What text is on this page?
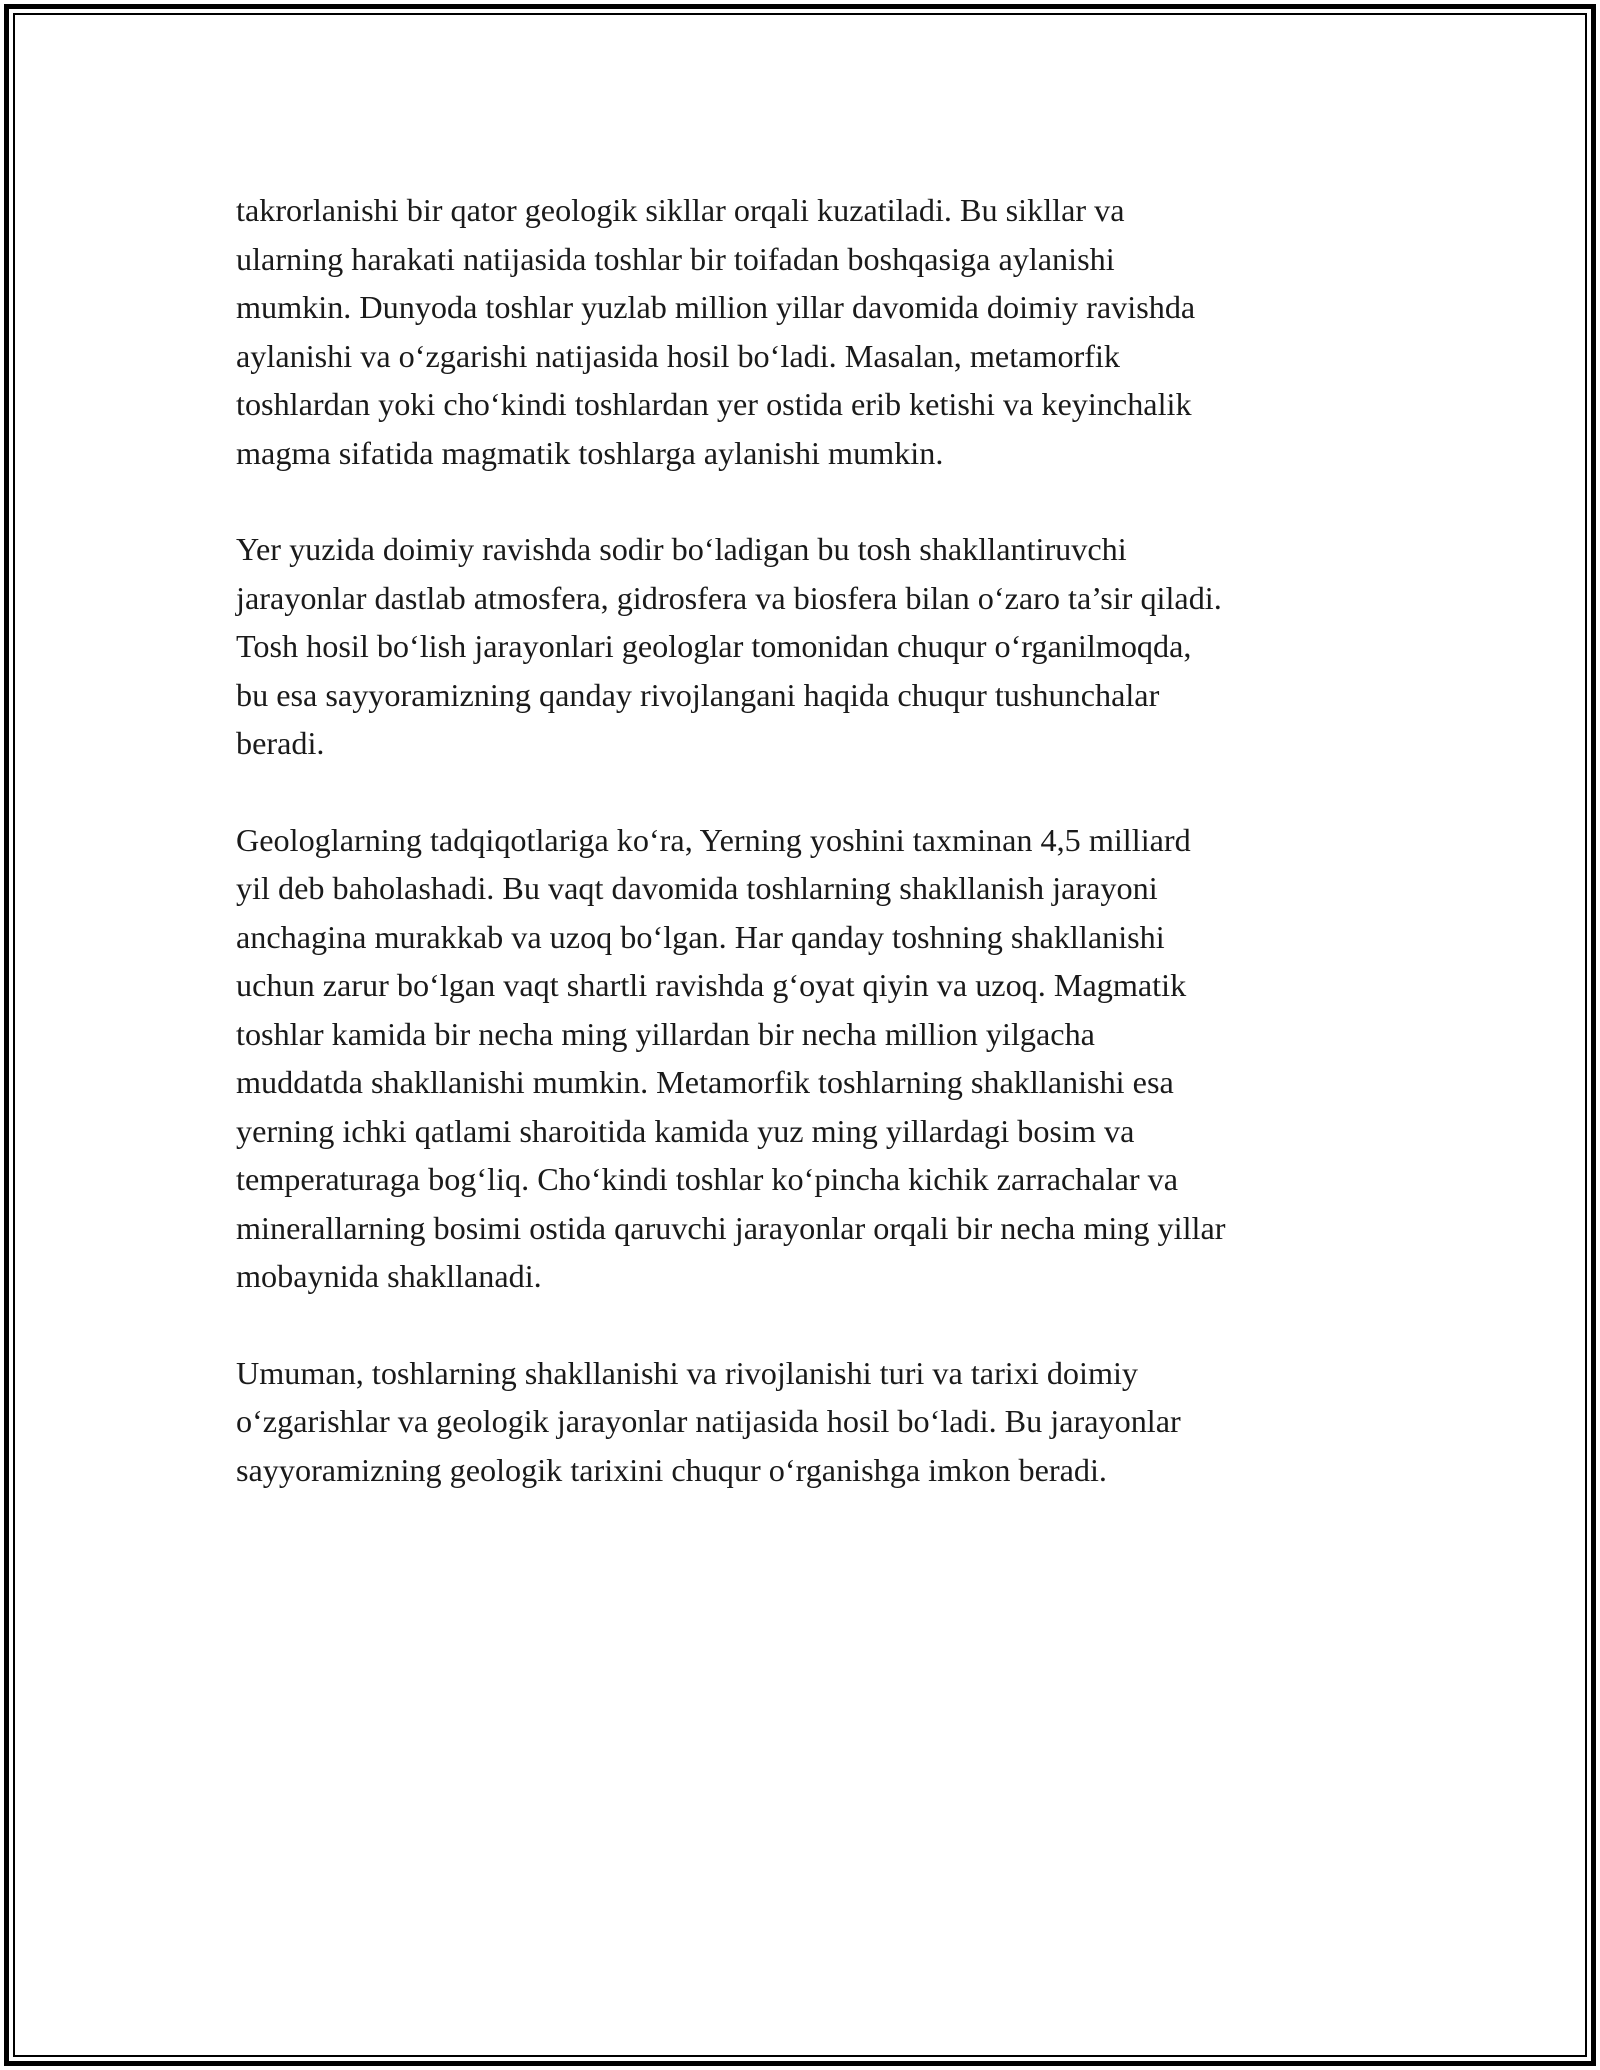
takrorlanishi bir qator geologik sikllar orqali kuzatiladi. Bu sikllar va
ularning harakati natijasida toshlar bir toifadan boshqasiga aylanishi
mumkin. Dunyoda toshlar yuzlab million yillar davomida doimiy ravishda
aylanishi va o‘zgarishi natijasida hosil bo‘ladi. Masalan, metamorfik
toshlardan yoki cho‘kindi toshlardan yer ostida erib ketishi va keyinchalik
magma sifatida magmatik toshlarga aylanishi mumkin.

Yer yuzida doimiy ravishda sodir bo‘ladigan bu tosh shakllantiruvchi
jarayonlar dastlab atmosfera, gidrosfera va biosfera bilan o‘zaro ta’sir qiladi.
Tosh hosil bo‘lish jarayonlari geologlar tomonidan chuqur o‘rganilmoqda,
bu esa sayyoramizning qanday rivojlangani haqida chuqur tushunchalar
beradi.

Geologlarning tadqiqotlariga ko‘ra, Yerning yoshini taxminan 4,5 milliard
yil deb baholashadi. Bu vaqt davomida toshlarning shakllanish jarayoni
anchagina murakkab va uzoq bo‘lgan. Har qanday toshning shakllanishi
uchun zarur bo‘lgan vaqt shartli ravishda g‘oyat qiyin va uzoq. Magmatik
toshlar kamida bir necha ming yillardan bir necha million yilgacha
muddatda shakllanishi mumkin. Metamorfik toshlarning shakllanishi esa
yerning ichki qatlami sharoitida kamida yuz ming yillardagi bosim va
temperaturaga bog‘liq. Cho‘kindi toshlar ko‘pincha kichik zarrachalar va
minerallarning bosimi ostida qaruvchi jarayonlar orqali bir necha ming yillar
mobaynida shakllanadi.

Umuman, toshlarning shakllanishi va rivojlanishi turi va tarixi doimiy
o‘zgarishlar va geologik jarayonlar natijasida hosil bo‘ladi. Bu jarayonlar
sayyoramizning geologik tarixini chuqur o‘rganishga imkon beradi.
